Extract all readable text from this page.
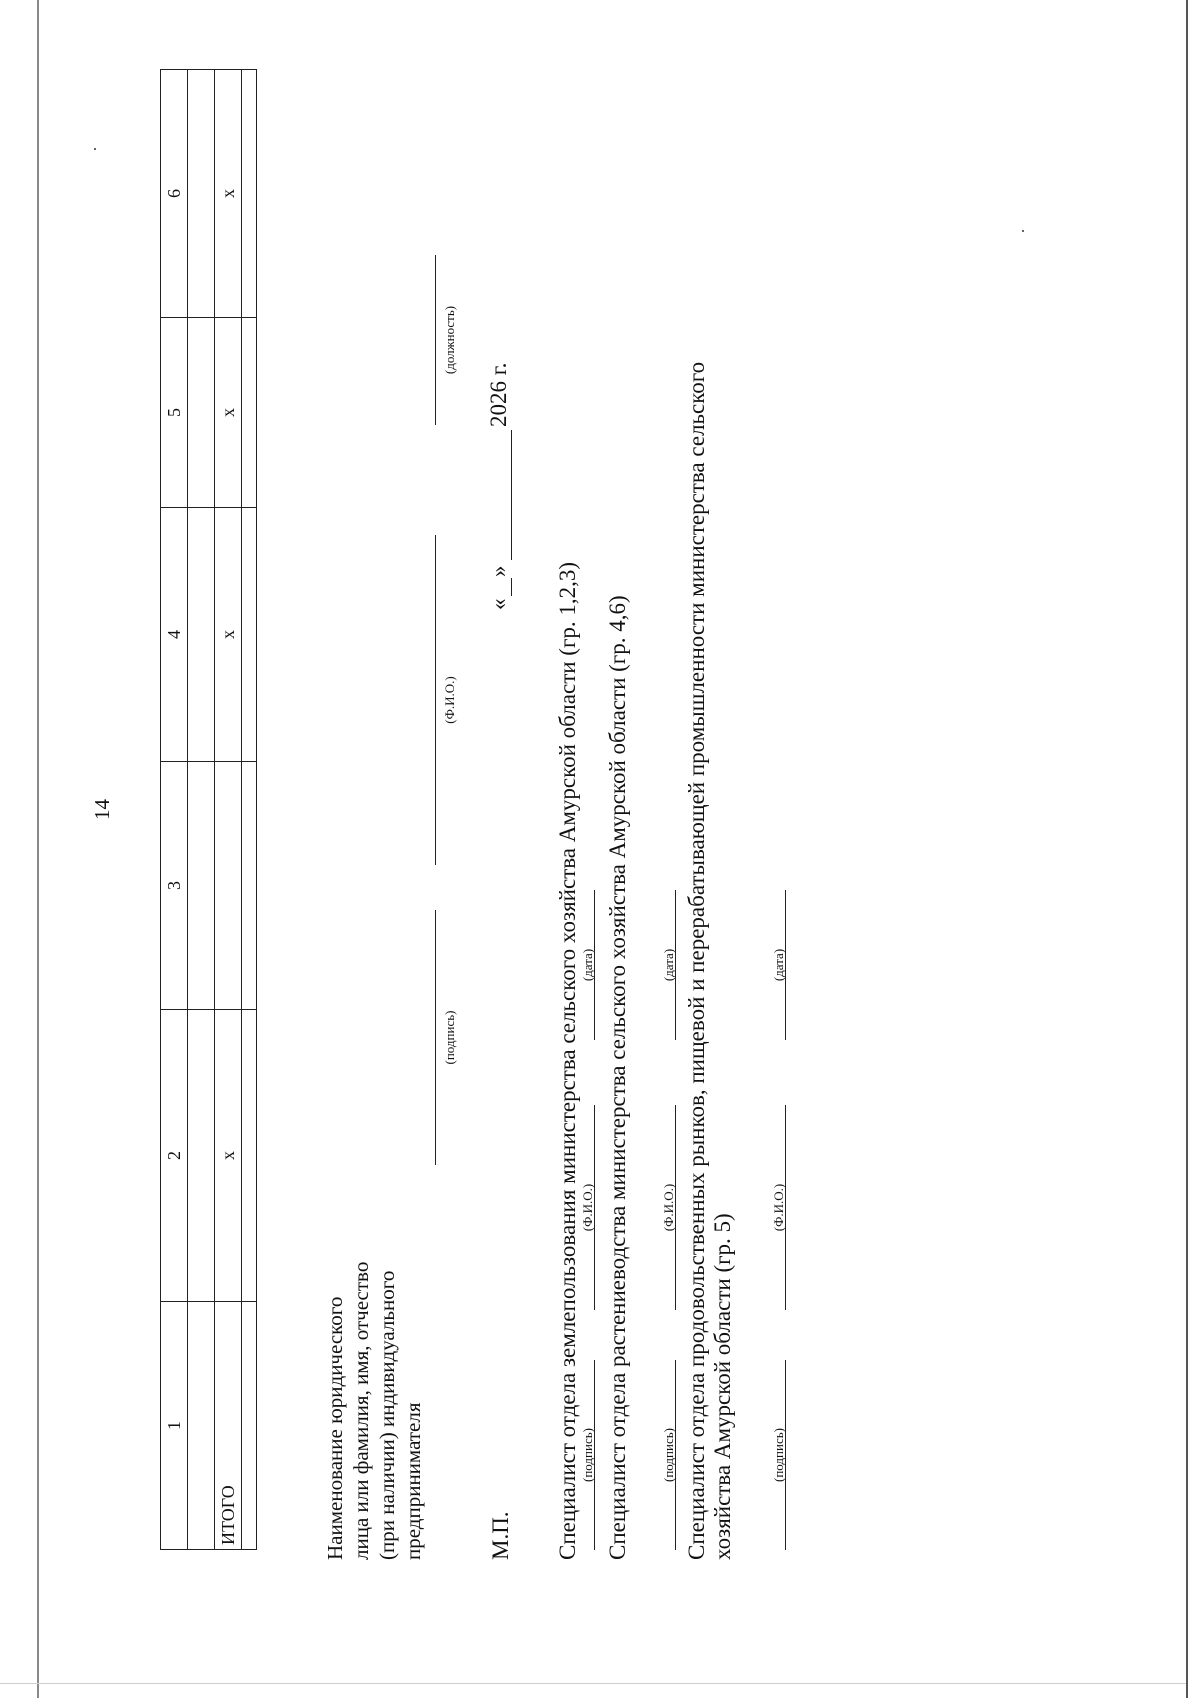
14
1	2	3	4	5	6

ИТОГО	х		х	х	х

Наименование юридического лица или фамилия, имя, отчество (при наличии) индивидуального предпринимателя
(подпись)
(Ф.И.О.)
(должность)
М.П.
«
»
2026 г.
Специалист отдела землепользования министерства сельского хозяйства Амурской области (гр. 1,2,3) (подпись)
(Ф.И.О.)
(дата) Специалист отдела растениеводства министерства сельского хозяйства Амурской области (гр. 4,6) (подпись)
(Ф.И.О.)
(дата) Специалист отдела продовольственных рынков, пищевой и перерабатывающей промышленности министерства сельского хозяйства Амурской области (гр. 5)	(подпись)
(Ф.И.О.)
(дата)
